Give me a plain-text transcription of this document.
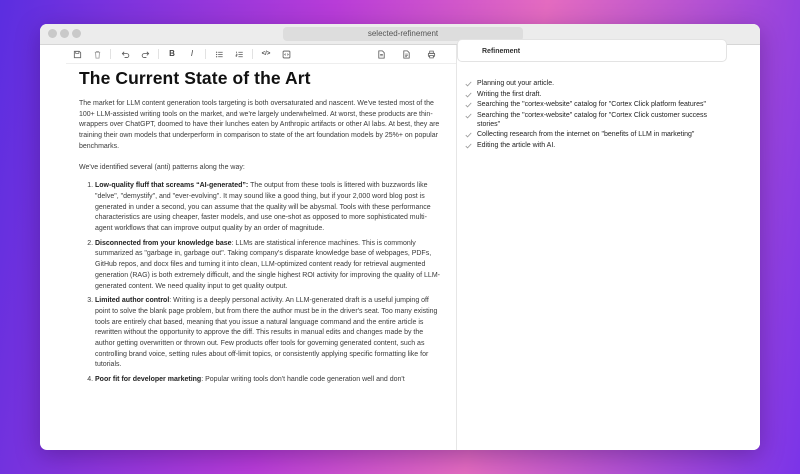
selected-refinement
B I	</>
The Current State of the Art

The market for LLM content generation tools targeting is both oversaturated and nascent. We've tested most of the 100+ LLM-assisted writing tools on the market, and we're largely underwhelmed. At worst, these products are thin-wrappers over ChatGPT, doomed to have their lunches eaten by Anthropic artifacts or other AI labs. At best, they are training their own models that underperform in comparison to state of the art foundation models by 25%+ on popular benchmarks.

We've identified several (anti) patterns along the way:

1. Low-quality fluff that screams “AI-generated”: The output from these tools is littered with buzzwords like "delve", "demystify", and "ever-evolving". It may sound like a good thing, but if your 2,000 word blog post is generated in under a second, you can assume that the quality will be abysmal. Tools with these performance characteristics are using cheaper, faster models, and use one-shot as opposed to more sophisticated multi-agent workflows that can improve output quality by an order of magnitude.
2. Disconnected from your knowledge base: LLMs are statistical inference machines. This is commonly summarized as "garbage in, garbage out". Taking company's disparate knowledge base of webpages, PDFs, GitHub repos, and docx files and turning it into clean, LLM-optimized content ready for retrieval augmented generation (RAG) is both extremely difficult, and the single highest ROI activity for improving the quality of LLM-generated content. We need quality input to get quality output.
3. Limited author control: Writing is a deeply personal activity. An LLM-generated draft is a useful jumping off point to solve the blank page problem, but from there the author must be in the driver's seat. Too many existing tools are entirely chat based, meaning that you issue a natural language command and the entire article is rewritten without the opportunity to approve the diff. This results in manual edits and changes made by the author getting overwritten or thrown out. Few products offer tools for governing generated content, such as controlling brand voice, setting rules about off-limit topics, or consistently applying specific formatting like for tutorials.
4. Poor fit for developer marketing: Popular writing tools don't handle code generation well and don't
Refinement
Planning out your article.
Writing the first draft.
Searching the "cortex-website" catalog for "Cortex Click platform features"
Searching the "cortex-website" catalog for "Cortex Click customer success stories"
Collecting research from the internet on "benefits of LLM in marketing"
Editing the article with AI.
